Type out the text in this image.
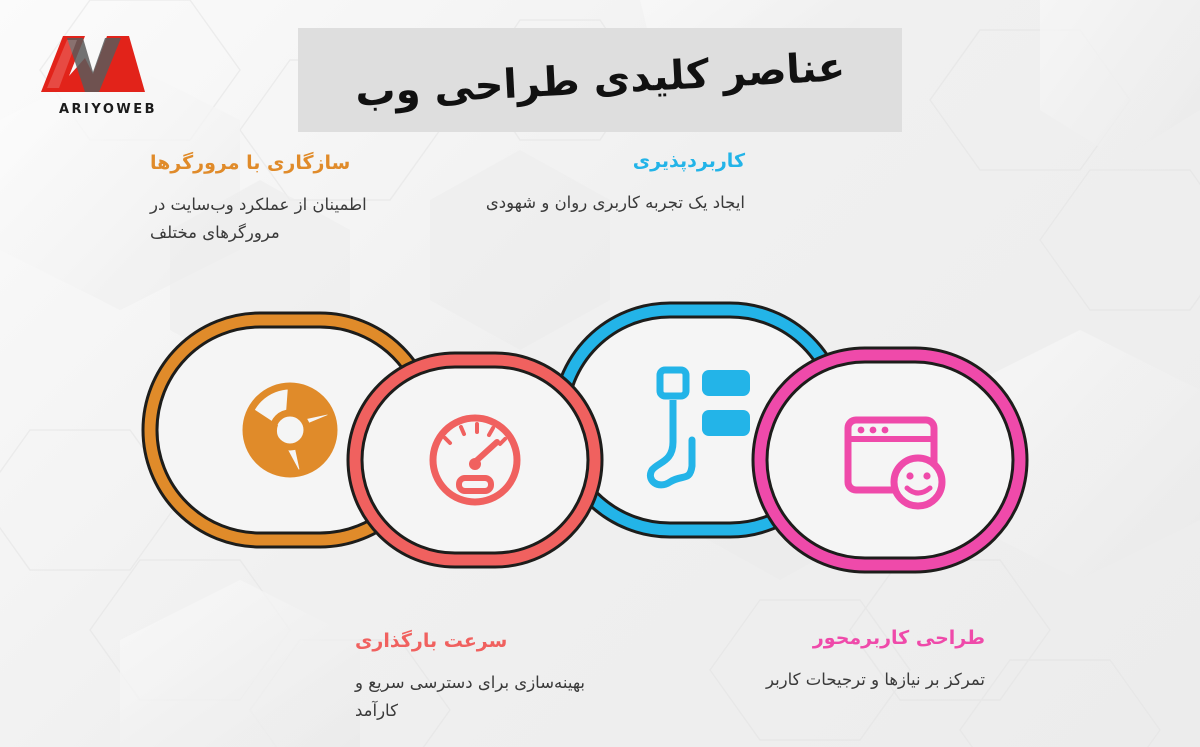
ARIYOWEB	عناصر کلیدی طراحی وب
سازگاری با مرورگرها
اطمینان از عملکرد وب‌سایت در مرورگرهای مختلف
کاربردپذیری
ایجاد یک تجربه کاربری روان و شهودی
سرعت بارگذاری
بهینه‌سازی برای دسترسی سریع و کارآمد
طراحی کاربرمحور
تمرکز بر نیازها و ترجیحات کاربر
